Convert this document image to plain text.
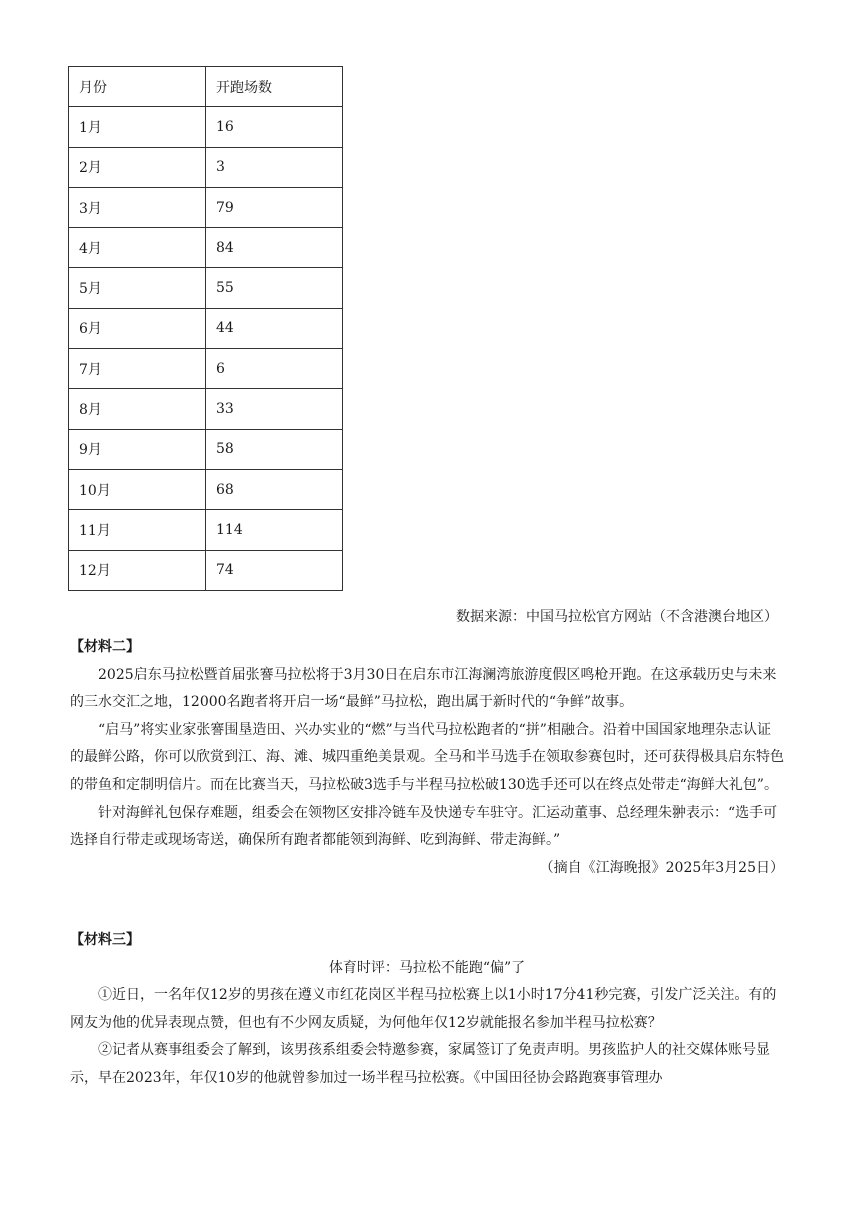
月份	开跑场数
1月	16
2月	3
3月	79
4月	84
5月	55
6月	44
7月	6
8月	33
9月	58
10月	68
11月	114
12月	74
数据来源：中国马拉松官方网站（不含港澳台地区）
【材料二】

2025启东马拉松暨首届张謇马拉松将于3月30日在启东市江海澜湾旅游度假区鸣枪开跑。在这承载历史与未来的三水交汇之地，12000名跑者将开启一场“最鲜”马拉松，跑出属于新时代的“争鲜”故事。

“启马”将实业家张謇围垦造田、兴办实业的“燃”与当代马拉松跑者的“拼”相融合。沿着中国国家地理杂志认证的最鲜公路，你可以欣赏到江、海、滩、城四重绝美景观。全马和半马选手在领取参赛包时，还可获得极具启东特色的带鱼和定制明信片。而在比赛当天，马拉松破3选手与半程马拉松破130选手还可以在终点处带走“海鲜大礼包”。

针对海鲜礼包保存难题，组委会在领物区安排冷链车及快递专车驻守。汇运动董事、总经理朱翀表示：“选手可选择自行带走或现场寄送，确保所有跑者都能领到海鲜、吃到海鲜、带走海鲜。”

（摘自《江海晚报》2025年3月25日）

【材料三】

体育时评：马拉松不能跑“偏”了

①近日，一名年仅12岁的男孩在遵义市红花岗区半程马拉松赛上以1小时17分41秒完赛，引发广泛关注。有的网友为他的优异表现点赞，但也有不少网友质疑，为何他年仅12岁就能报名参加半程马拉松赛？

②记者从赛事组委会了解到，该男孩系组委会特邀参赛，家属签订了免责声明。男孩监护人的社交媒体账号显示，早在2023年，年仅10岁的他就曾参加过一场半程马拉松赛。《中国田径协会路跑赛事管理办
